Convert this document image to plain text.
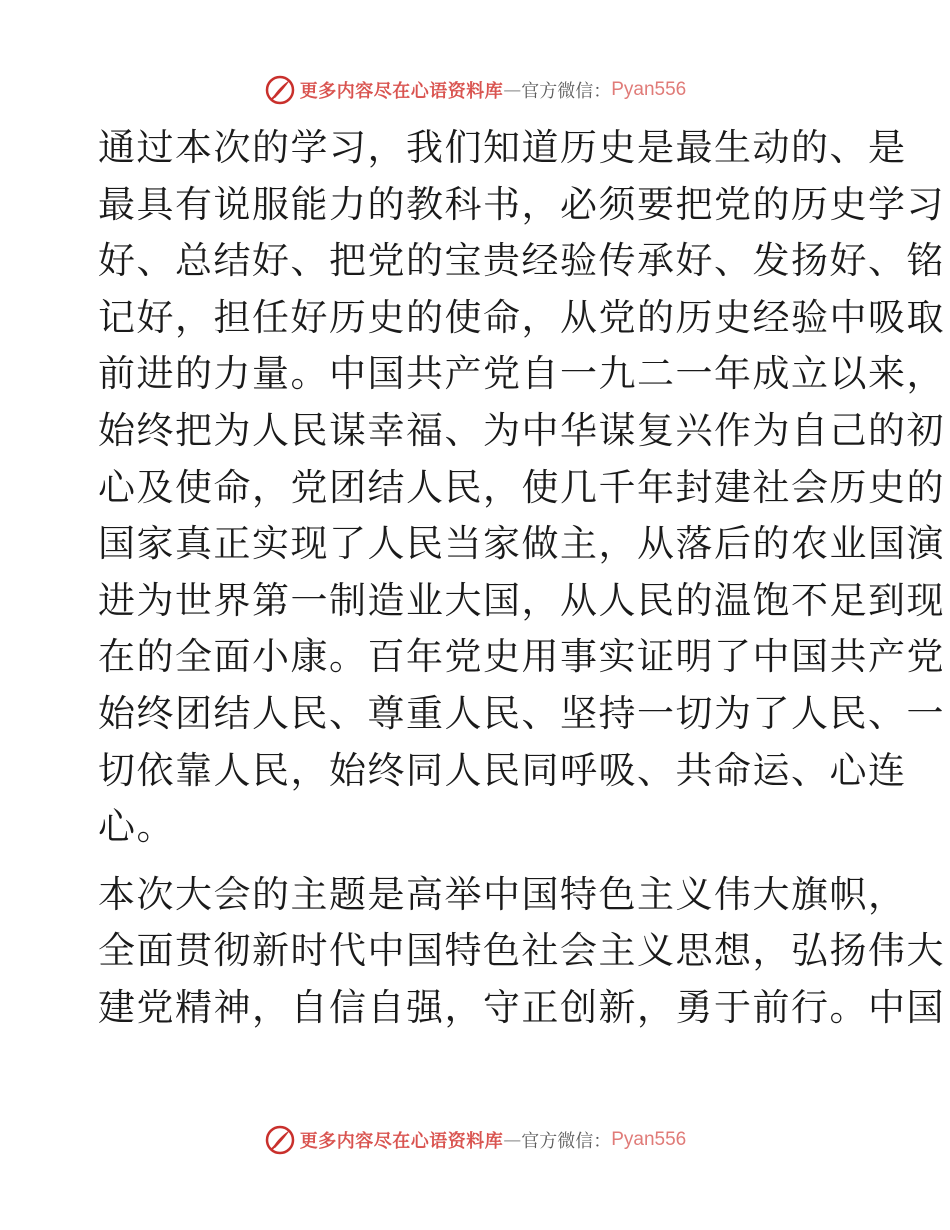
更多内容尽在心语资料库 — 官方微信： Pyan556
通过本次的学习，我们知道历史是最生动的、是
最具有说服能力的教科书，必须要把党的历史学习
好、总结好、把党的宝贵经验传承好、发扬好、铭
记好，担任好历史的使命，从党的历史经验中吸取
前进的力量。中国共产党自一九二一年成立以来，
始终把为人民谋幸福、为中华谋复兴作为自己的初
心及使命，党团结人民，使几千年封建社会历史的
国家真正实现了人民当家做主，从落后的农业国演
进为世界第一制造业大国，从人民的温饱不足到现
在的全面小康。百年党史用事实证明了中国共产党
始终团结人民、尊重人民、坚持一切为了人民、一
切依靠人民，始终同人民同呼吸、共命运、心连
心。
本次大会的主题是高举中国特色主义伟大旗帜，
全面贯彻新时代中国特色社会主义思想，弘扬伟大
建党精神，自信自强，守正创新，勇于前行。中国
更多内容尽在心语资料库 — 官方微信： Pyan556
